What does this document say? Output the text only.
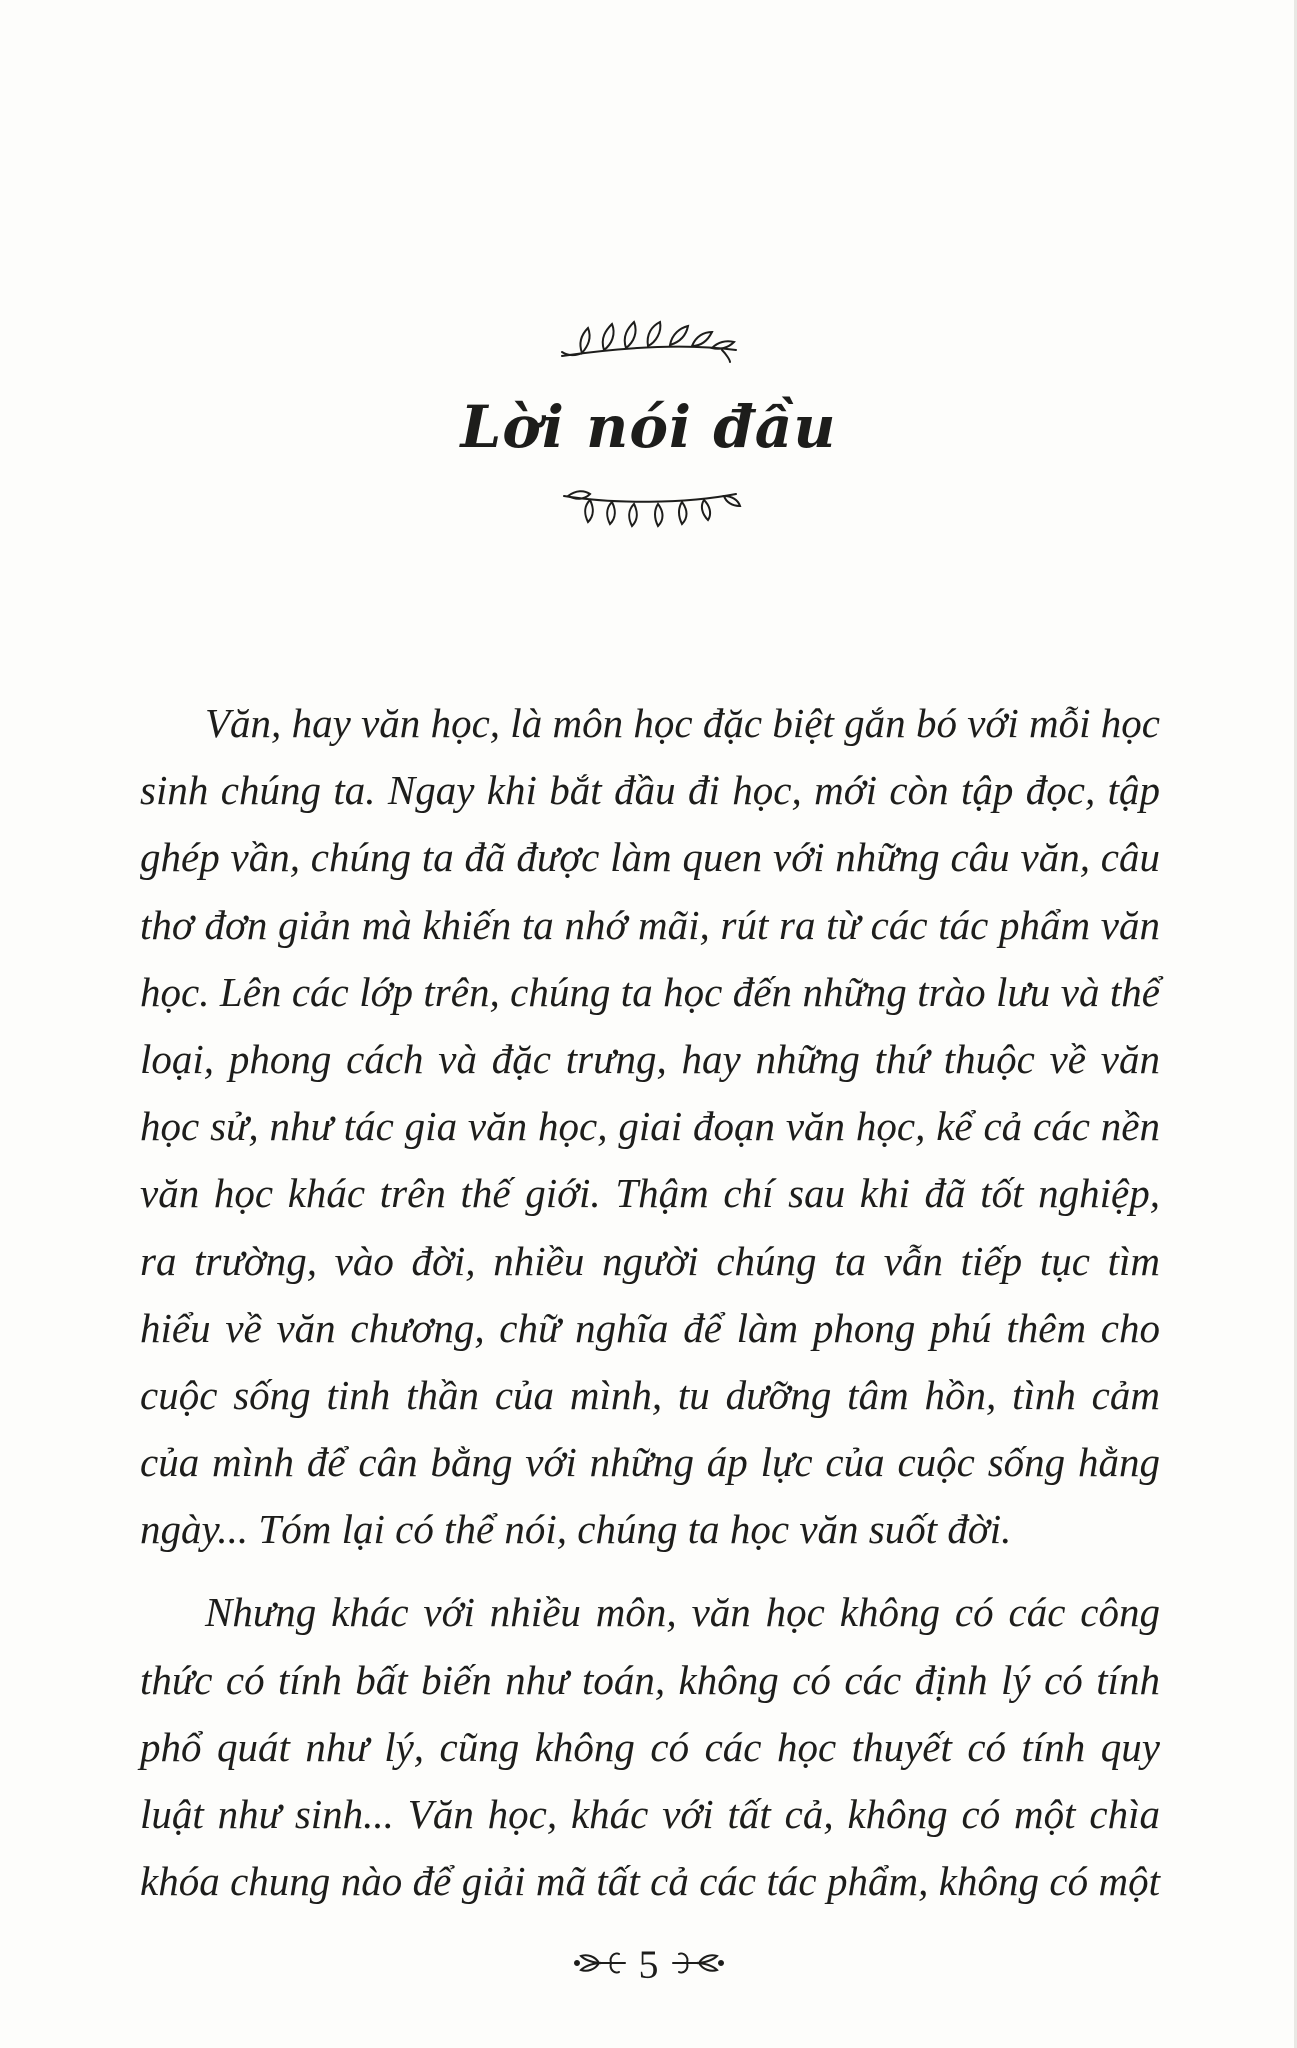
Lời nói đầu
Văn, hay văn học, là môn học đặc biệt gắn bó với mỗi học
sinh chúng ta. Ngay khi bắt đầu đi học, mới còn tập đọc, tập
ghép vần, chúng ta đã được làm quen với những câu văn, câu
thơ đơn giản mà khiến ta nhớ mãi, rút ra từ các tác phẩm văn
học. Lên các lớp trên, chúng ta học đến những trào lưu và thể
loại, phong cách và đặc trưng, hay những thứ thuộc về văn
học sử, như tác gia văn học, giai đoạn văn học, kể cả các nền
văn học khác trên thế giới. Thậm chí sau khi đã tốt nghiệp,
ra trường, vào đời, nhiều người chúng ta vẫn tiếp tục tìm
hiểu về văn chương, chữ nghĩa để làm phong phú thêm cho
cuộc sống tinh thần của mình, tu dưỡng tâm hồn, tình cảm
của mình để cân bằng với những áp lực của cuộc sống hằng
ngày... Tóm lại có thể nói, chúng ta học văn suốt đời.
Nhưng khác với nhiều môn, văn học không có các công
thức có tính bất biến như toán, không có các định lý có tính
phổ quát như lý, cũng không có các học thuyết có tính quy
luật như sinh... Văn học, khác với tất cả, không có một chìa
khóa chung nào để giải mã tất cả các tác phẩm, không có một
5
